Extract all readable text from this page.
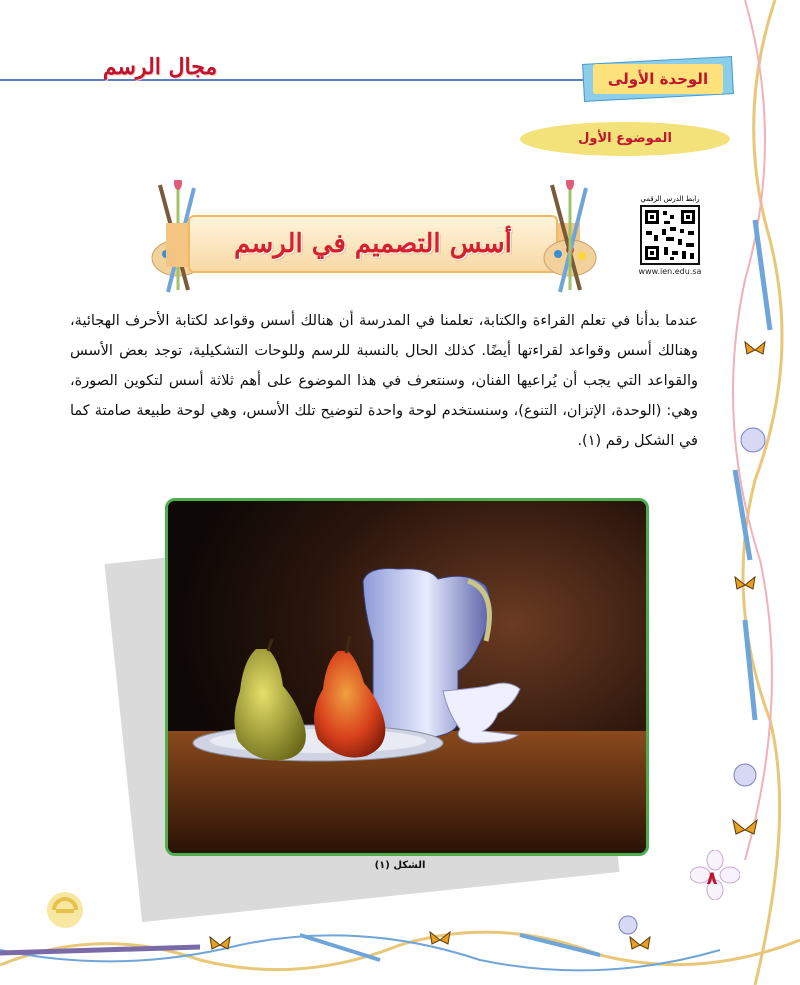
مجال الرسم	الوحدة الأولى
الموضوع الأول
رابط الدرس الرقمي
www.ien.edu.sa
أسس التصميم في الرسم

عندما بدأنا في تعلم القراءة والكتابة، تعلمنا في المدرسة أن هنالك أسس وقواعد لكتابة الأحرف الهجائية، وهنالك أسس وقواعد لقراءتها أيضًا. كذلك الحال بالنسبة للرسم وللوحات التشكيلية، توجد بعض الأسس والقواعد التي يجب أن يُراعيها الفنان، وسنتعرف في هذا الموضوع على أهم ثلاثة أسس لتكوين الصورة، وهي: (الوحدة، الإتزان، التنوع)، وسنستخدم لوحة واحدة لتوضيح تلك الأسس، وهي لوحة طبيعة صامتة كما في الشكل رقم (١).

الشكل (١)
٨
